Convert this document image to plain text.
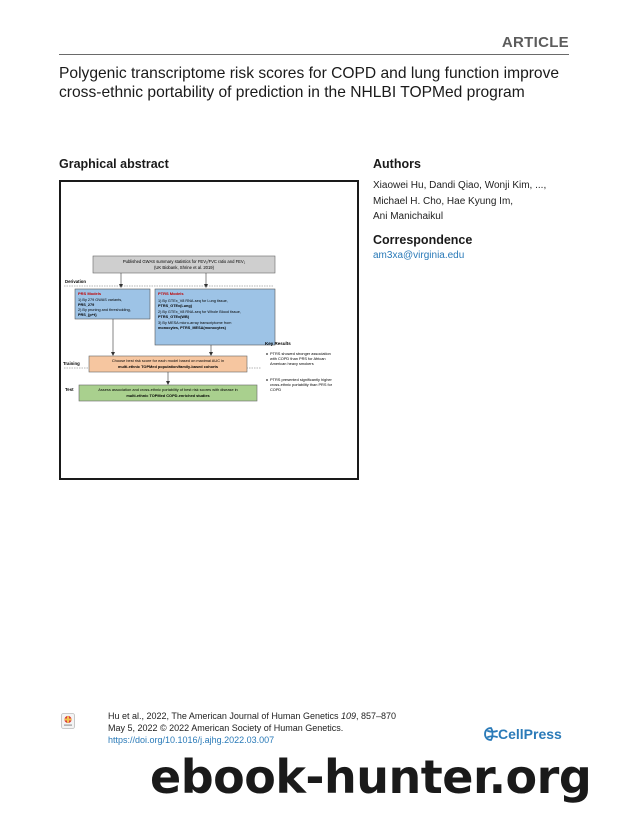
ARTICLE
Polygenic transcriptome risk scores for COPD and lung function improve cross-ethnic portability of prediction in the NHLBI TOPMed program
Graphical abstract
Published GWAS summary statistics for FEV₁/FVC ratio and FEV₁
(UK Biobank, Shrine et al. 2019)
Derivation
PRS Models
1) By 279 GWAS variants,
PRS_279
2) By pruning and thresholding,
PRS_{p+t}
PTRS Models
1) By GTEx_V8 RNA-seq for Lung tissue,
PTRS_GTEx(Lung)
2) By GTEx_V8 RNA-seq for Whole Blood tissue,
PTRS_GTEx(WB)
3) By MESA micro-array transcriptome from
monocytes, PTRS_MESA(monocytes)
Key Results
PTRS showed stronger association
with COPD than PRS for African
American heavy smokers
PTRS presented significantly higher
cross-ethnic portability than PRS for
COPD
Training
Choose best risk score for each model based on maximal AUC in
multi-ethnic TOPMed population/family-based cohorts
Test	Assess association and cross-ethnic portability of best risk scores with disease in
multi-ethnic TOPMed COPD-enriched studies
Authors
Xiaowei Hu, Dandi Qiao, Wonji Kim, ...,
Michael H. Cho, Hae Kyung Im,
Ani Manichaikul
Correspondence
am3xa@virginia.edu
Hu et al., 2022, The American Journal of Human Genetics 109, 857–870
May 5, 2022 © 2022 American Society of Human Genetics.
https://doi.org/10.1016/j.ajhg.2022.03.007	CellPress
ebook-hunter.org
